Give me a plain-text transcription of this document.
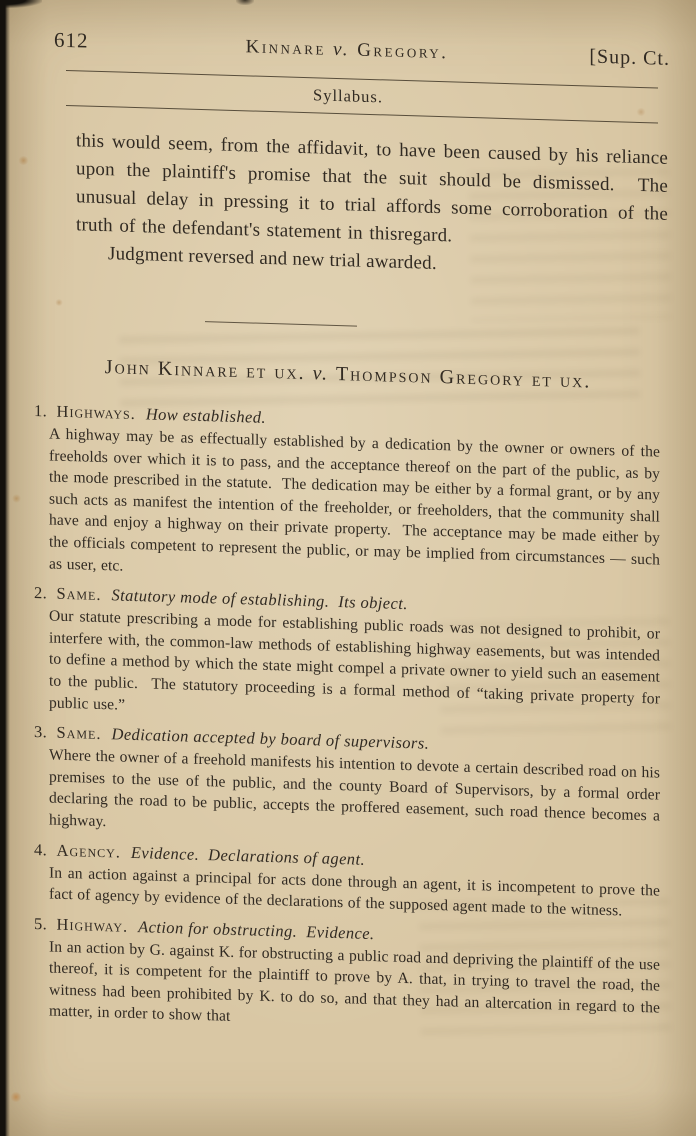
612	Kinnare v. Gregory.	[Sup. Ct.
Syllabus.

this would seem, from the affidavit, to have been caused by his reliance upon the plaintiff's promise that the suit should be dismissed.  The unusual delay in pressing it to trial affords some corroboration of the truth of the defendant's statement in thisregard.

Judgment reversed and new trial awarded.

John Kinnare et ux. v. Thompson Gregory et ux.
1. Highways. How established.
A highway may be as effectually established by a dedication by the owner or owners of the freeholds over which it is to pass, and the acceptance thereof on the part of the public, as by the mode prescribed in the statute.  The dedication may be either by a formal grant, or by any such acts as manifest the intention of the freeholder, or freeholders, that the community shall have and enjoy a highway on their private property.  The acceptance may be made either by the officials competent to represent the public, or may be implied from circumstances — such as user, etc.
2. Same. Statutory mode of establishing.  Its object.
Our statute prescribing a mode for establishing public roads was not designed to prohibit, or interfere with, the common-law methods of establishing highway easements, but was intended to define a method by which the state might compel a private owner to yield such an easement to the public.  The statutory proceeding is a formal method of “taking private property for public use.”
3. Same. Dedication accepted by board of supervisors.
Where the owner of a freehold manifests his intention to devote a certain described road on his premises to the use of the public, and the county Board of Supervisors, by a formal order declaring the road to be public, accepts the proffered easement, such road thence becomes a highway.
4. Agency. Evidence.  Declarations of agent.
In an action against a principal for acts done through an agent, it is incompetent to prove the fact of agency by evidence of the declarations of the supposed agent made to the witness.
5. Highway. Action for obstructing.  Evidence.
In an action by G. against K. for obstructing a public road and depriving the plaintiff of the use thereof, it is competent for the plaintiff to prove by A. that, in trying to travel the road, the witness had been prohibited by K. to do so, and that they had an altercation in regard to the matter, in order to show that
